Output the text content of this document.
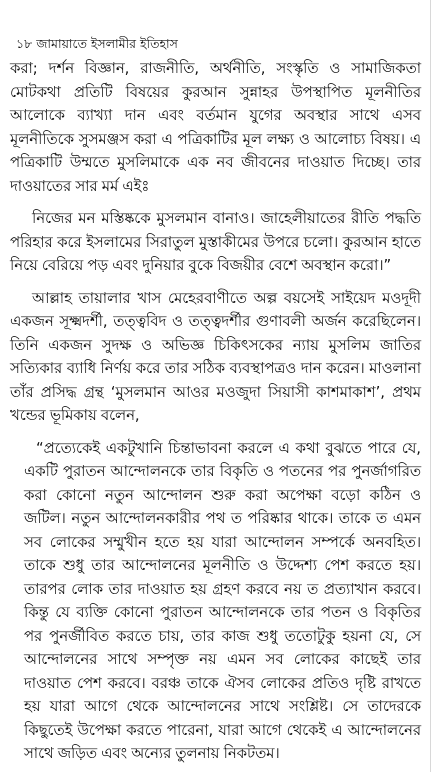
১৮ জামায়াতে ইসলামীর ইতিহাস

করা; দর্শন বিজ্ঞান, রাজনীতি, অর্থনীতি, সংস্কৃতি ও সামাজিকতা মোটকথা প্রতিটি বিষয়ের কুরআন সুন্নাহর উপস্থাপিত মূলনীতির আলোকে ব্যাখ্যা দান এবং বর্তমান যুগের অবস্থার সাথে এসব মূলনীতিকে সুসমঞ্জস করা এ পত্রিকাটির মূল লক্ষ্য ও আলোচ্য বিষয়। এ পত্রিকাটি উম্মতে মুসলিমাকে এক নব জীবনের দাওয়াত দিচ্ছে। তার দাওয়াতের সার মর্ম এইঃ

নিজের মন মস্তিষ্ককে মুসলমান বানাও। জাহেলীয়াতের রীতি পদ্ধতি পরিহার করে ইসলামের সিরাতুল মুস্তাকীমের উপরে চলো। কুরআন হাতে নিয়ে বেরিয়ে পড় এবং দুনিয়ার বুকে বিজয়ীর বেশে অবস্থান করো।”

আল্লাহ তায়ালার খাস মেহেরবাণীতে অল্প বয়সেই সাইয়েদ মওদূদী একজন সূক্ষ্মদর্শী, তত্ত্ববিদ ও তত্ত্বদর্শীর গুণাবলী অর্জন করেছিলেন। তিনি একজন সুদক্ষ ও অভিজ্ঞ চিকিৎসকের ন্যায় মুসলিম জাতির সত্যিকার ব্যাধি নির্ণয় করে তার সঠিক ব্যবস্থাপত্রও দান করেন। মাওলানা তাঁর প্রসিদ্ধ গ্রন্থ ‘মুসলমান আওর মওজুদা সিয়াসী কাশমাকাশ’, প্রথম খন্ডের ভূমিকায় বলেন,

“প্রত্যেকেই একটুখানি চিন্তাভাবনা করলে এ কথা বুঝতে পারে যে, একটি পুরাতন আন্দোলনকে তার বিকৃতি ও পতনের পর পুনর্জাগরিত করা কোনো নতুন আন্দোলন শুরু করা অপেক্ষা বড়ো কঠিন ও জটিল। নতুন আন্দোলনকারীর পথ ত পরিষ্কার থাকে। তাকে ত এমন সব লোকের সম্মুখীন হতে হয় যারা আন্দোলন সম্পর্কে অনবহিত। তাকে শুধু তার আন্দোলনের মূলনীতি ও উদ্দেশ্য পেশ করতে হয়। তারপর লোক তার দাওয়াত হয় গ্রহণ করবে নয় ত প্রত্যাখান করবে। কিন্তু যে ব্যক্তি কোনো পুরাতন আন্দোলনকে তার পতন ও বিকৃতির পর পুনর্জীবিত করতে চায়, তার কাজ শুধু ততোটুকু হয়না যে, সে আন্দোলনের সাথে সম্পৃক্ত নয় এমন সব লোকের কাছেই তার দাওয়াত পেশ করবে। বরঞ্চ তাকে ঐসব লোকের প্রতিও দৃষ্টি রাখতে হয় যারা আগে থেকে আন্দোলনের সাথে সংশ্লিষ্ট। সে তাদেরকে কিছুতেই উপেক্ষা করতে পারেনা, যারা আগে থেকেই এ আন্দোলনের সাথে জড়িত এবং অন্যের তুলনায় নিকটতম।
